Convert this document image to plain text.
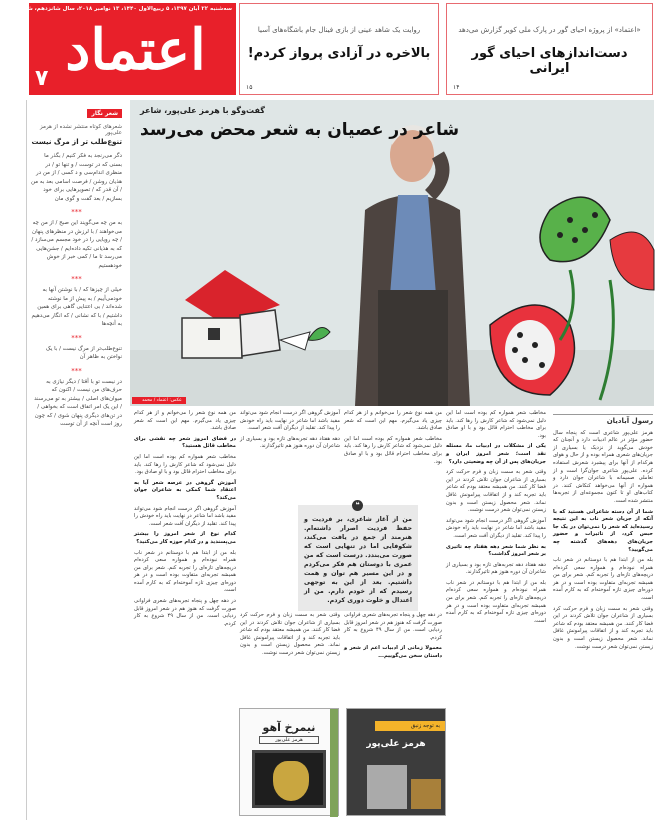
سه‌شنبه ۲۲ آبان ۱۳۹۷، ۵ ربیع‌الاول ۱۴۴۰، ۱۳ نوامبر ۲۰۱۸، سال شانزدهم، شماره ۴۲۴۰
اعتماد
۷
«اعتماد» از پروژه احیای گور در پارک ملی کویر گزارش می‌دهد
دست‌اندازهای احیای گور ایرانی
۱۴
روایت یک شاهد عینی از بازی فینال جام باشگاه‌های آسیا
بالاخره در آزادی پرواز کردم!
۱۵
شعر نگار
شعرهای کوتاه منتشر نشده از هرمز علی‌پور
تنوع‌طلب تر از مرگ نیست
دگر می‌رنجد به فکر کنیم / بگذر ما بسنی که در توست / و تنها تو / در منظری اندام‌سی و د کسی / از من در هذیان روشن / فرصت اسامی بعد به من / آن قدر که / تصویرهایی برای خود بسازیم / بعد گفت و گوی مان
***
به من چه می‌گویند این صبح / از من چه می‌خواهند / با لرزش در منظرهای پنهان / چه رویایی را در خود مجسم می‌سازد / که به هذیانی تکیه داده‌ایم / جشن‌هایی می‌رسد تا ما / کمی خبر از خوش خودهستیم
***
خیلی از چیزها که / با نوشتن آنها به خودمی‌آییم / به پیش از ما نوشته شده‌اند / بی اعتنایی گاهی برای همین داشتیم / با که نشانی / که انگار می‌دهیم به آنچه‌ها
***
تنوع‌طلب‌تر از مرگ نیست / با یک نواختن به ظاهر آن
***
در نیست تو با آقتا / دیگر نیازی به حرف‌های من نیست / اکنون که میوان‌های اصلی / بیشتر به تو می‌رسند / این یک امر اتفاق است که بخواهی / در تن‌های دیگری پنهان شوی / که چون روز است آنچه از آن توست
گفت‌وگو با هرمز علی‌پور، شاعر
شاعر در عصیان به شعر محض می‌رسد
عکس: اعتماد / محمد
رسول آبادیان

هرمز علی‌پور شاعری است که پنجاه سال حضور مؤثر در عالم ادبیات دارد و آنچنان که خودش می‌گوید از نزدیک یا بسیاری از جریان‌های شعری همراه بوده و از حال و هوای هرکدام از آنها برای پیشبرد شعرش استفاده کرده. علی‌پور شاعری جوان‌گرا است و از تعاملی صمیمانه با شاعران جوان دارد و همواره از آنها می‌خواهد کنکاش کنند. در کتاب‌های او تا کنون مجموعه‌ای از تجربه‌ها منتشر شده است.

شما از آن دسته شاعرانی هستید که با آنکه از جریان شعر ناب به این نتیجه رسیده‌اید که شعر را نمی‌توان در یک جا حبس کرد، از تاثیرات و حضور جریان‌های دهه‌های گذشته چه می‌گویید؟

بله من از ابتدا هم با دوستانم در شعر ناب همراه نبوده‌ام و همواره سعی کرده‌ام دریچه‌های تازه‌ای را تجربه کنم. شعر برای من همیشه تجربه‌ای متفاوت بوده است و در هر دوره‌ای چیزی تازه آموخته‌ام که به کارم آمده است.

وقتی شعر به سمت زبان و فرم حرکت کرد بسیاری از شاعران جوان تلاش کردند در این فضا کار کنند. من همیشه معتقد بودم که شاعر باید تجربه کند و از اتفاقات پیرامونش غافل نماند. شعر محصول زیستن است و بدون زیستن نمی‌توان شعر درست نوشت.

مخاطب شعر همواره کم بوده است اما این دلیل نمی‌شود که شاعر کارش را رها کند. باید برای مخاطب احترام قائل بود و با او صادق بود.

یکی از مشکلات در ادبیات ما، مسئله نقد است؛ شعر امروز ایران و جریان‌های پس از آن چه وضعیتی دارد؟

وقتی شعر به سمت زبان و فرم حرکت کرد بسیاری از شاعران جوان تلاش کردند در این فضا کار کنند. من همیشه معتقد بودم که شاعر باید تجربه کند و از اتفاقات پیرامونش غافل نماند. شعر محصول زیستن است و بدون زیستن نمی‌توان شعر درست نوشت.

آموزش گروهی اگر درست انجام شود می‌تواند مفید باشد اما شاعر در نهایت باید راه خودش را پیدا کند. تقلید از دیگران آفت شعر است.

به نظر شما شعر دهه هفتاد چه تاثیری بر شعر امروز گذاشت؟

دهه هفتاد دهه تجربه‌های تازه بود و بسیاری از شاعران آن دوره هنوز هم تاثیرگذارند.

بله من از ابتدا هم با دوستانم در شعر ناب همراه نبوده‌ام و همواره سعی کرده‌ام دریچه‌های تازه‌ای را تجربه کنم. شعر برای من همیشه تجربه‌ای متفاوت بوده است و در هر دوره‌ای چیزی تازه آموخته‌ام که به کارم آمده است.

من همه نوع شعر را می‌خوانم و از هر کدام چیزی یاد می‌گیرم. مهم این است که شعر صادق باشد.

مخاطب شعر همواره کم بوده است اما این دلیل نمی‌شود که شاعر کارش را رها کند. باید برای مخاطب احترام قائل بود و با او صادق بود.

در دهه چهل و پنجاه تجربه‌های شعری فراوانی صورت گرفت که هنوز هم در شعر امروز قابل ردیابی است. من از سال ۴۹ شروع به کار کردم.

معمولا زمانی از ادبیات اعم از شعر و داستان سخن می‌گوییم...

آموزش گروهی اگر درست انجام شود می‌تواند مفید باشد اما شاعر در نهایت باید راه خودش را پیدا کند. تقلید از دیگران آفت شعر است.

دهه هفتاد دهه تجربه‌های تازه بود و بسیاری از شاعران آن دوره هنوز هم تاثیرگذارند.

وقتی شعر به سمت زبان و فرم حرکت کرد بسیاری از شاعران جوان تلاش کردند در این فضا کار کنند. من همیشه معتقد بودم که شاعر باید تجربه کند و از اتفاقات پیرامونش غافل نماند. شعر محصول زیستن است و بدون زیستن نمی‌توان شعر درست نوشت.

من همه نوع شعر را می‌خوانم و از هر کدام چیزی یاد می‌گیرم. مهم این است که شعر صادق باشد.

در فضای امروز شعر چه نقشی برای مخاطب قائل هستید؟

مخاطب شعر همواره کم بوده است اما این دلیل نمی‌شود که شاعر کارش را رها کند. باید برای مخاطب احترام قائل بود و با او صادق بود.

آموزش گروهی در عرصه شعر آیا به اعتقاد شما کمکی به شاعران جوان می‌کند؟

آموزش گروهی اگر درست انجام شود می‌تواند مفید باشد اما شاعر در نهایت باید راه خودش را پیدا کند. تقلید از دیگران آفت شعر است.

کدام نوع از شعر امروز را بیشتر می‌پسندید و در کدام حوزه کار می‌کنید؟

بله من از ابتدا هم با دوستانم در شعر ناب همراه نبوده‌ام و همواره سعی کرده‌ام دریچه‌های تازه‌ای را تجربه کنم. شعر برای من همیشه تجربه‌ای متفاوت بوده است و در هر دوره‌ای چیزی تازه آموخته‌ام که به کارم آمده است.

در دهه چهل و پنجاه تجربه‌های شعری فراوانی صورت گرفت که هنوز هم در شعر امروز قابل ردیابی است. من از سال ۴۹ شروع به کار کردم.

❝
من از آغاز شاعری، بر فردیت و حفظ فردیت اصرار داشته‌ام. هنرمند از جمع در یافت می‌کند، شکوفایی اما در تنهایی است که صورت می‌بندد. درست است که من عمری با دوستان هم فکر می‌کردم و در این مسیر هم توان و همت داشتیم. بعد از این به توجهی رسیدم که از خودم دارم. من از اعتدال و خلوت دوری کردم.
نیمرخ آهو
هرمز علی‌پور
به توجه زنبق
هرمز علی‌پور
